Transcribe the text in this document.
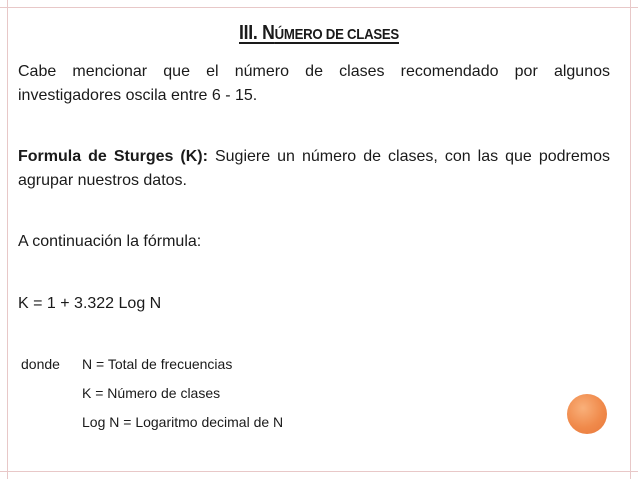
III. NÚMERO DE CLASES
Cabe mencionar que el número de clases recomendado por algunos investigadores oscila entre 6 - 15.
Formula de Sturges (K): Sugiere un número de clases, con las que podremos agrupar nuestros datos.
A continuación la fórmula:
K = 1 + 3.322 Log N
donde N = Total de frecuencias
K = Número de clases
Log N = Logaritmo decimal de N
